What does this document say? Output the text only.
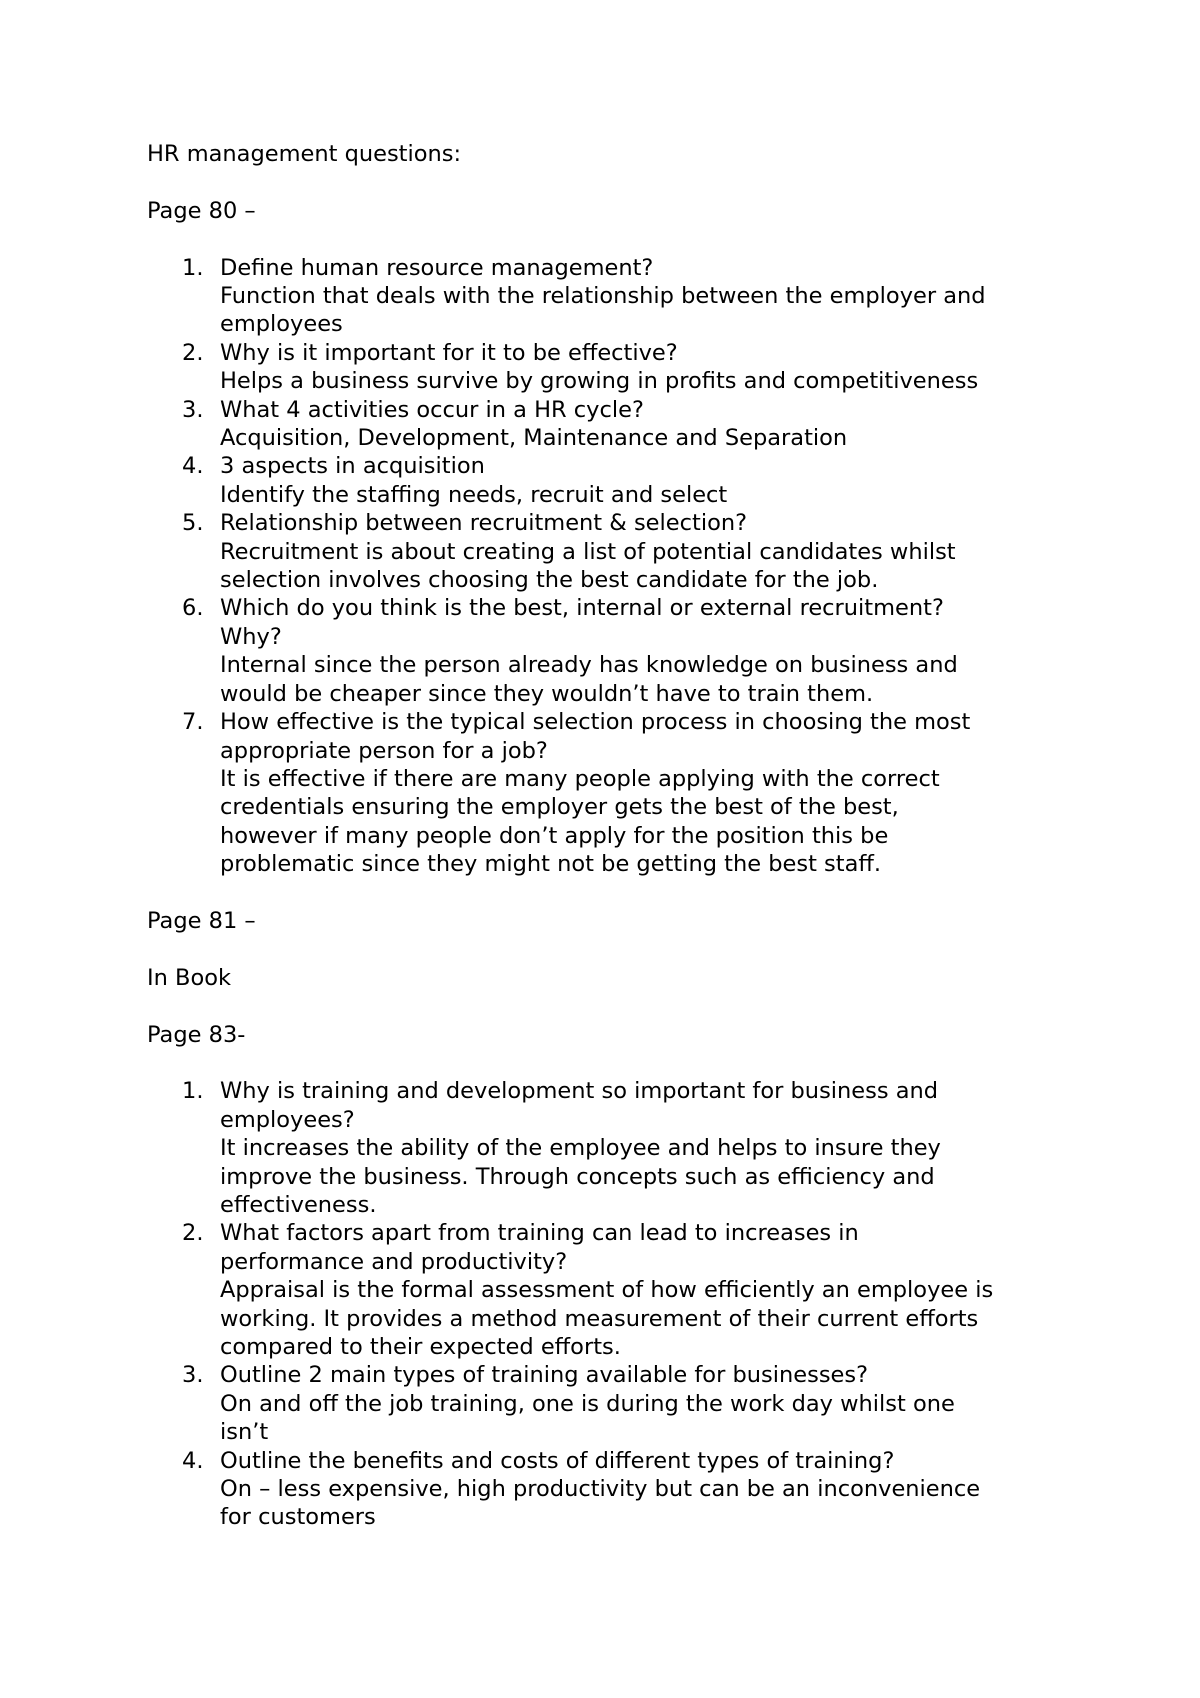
HR management questions:

Page 80 –

1. Define human resource management?
Function that deals with the relationship between the employer and
employees
2. Why is it important for it to be effective?
Helps a business survive by growing in profits and competitiveness
3. What 4 activities occur in a HR cycle?
Acquisition, Development, Maintenance and Separation
4. 3 aspects in acquisition
Identify the staffing needs, recruit and select
5. Relationship between recruitment & selection?
Recruitment is about creating a list of potential candidates whilst
selection involves choosing the best candidate for the job.
6. Which do you think is the best, internal or external recruitment?
Why?
Internal since the person already has knowledge on business and
would be cheaper since they wouldn’t have to train them.
7. How effective is the typical selection process in choosing the most
appropriate person for a job?
It is effective if there are many people applying with the correct
credentials ensuring the employer gets the best of the best,
however if many people don’t apply for the position this be
problematic since they might not be getting the best staff.

Page 81 –

In Book

Page 83-

1. Why is training and development so important for business and
employees?
It increases the ability of the employee and helps to insure they
improve the business. Through concepts such as efficiency and
effectiveness.
2. What factors apart from training can lead to increases in
performance and productivity?
Appraisal is the formal assessment of how efficiently an employee is
working. It provides a method measurement of their current efforts
compared to their expected efforts.
3. Outline 2 main types of training available for businesses?
On and off the job training, one is during the work day whilst one
isn’t
4. Outline the benefits and costs of different types of training?
On – less expensive, high productivity but can be an inconvenience
for customers
